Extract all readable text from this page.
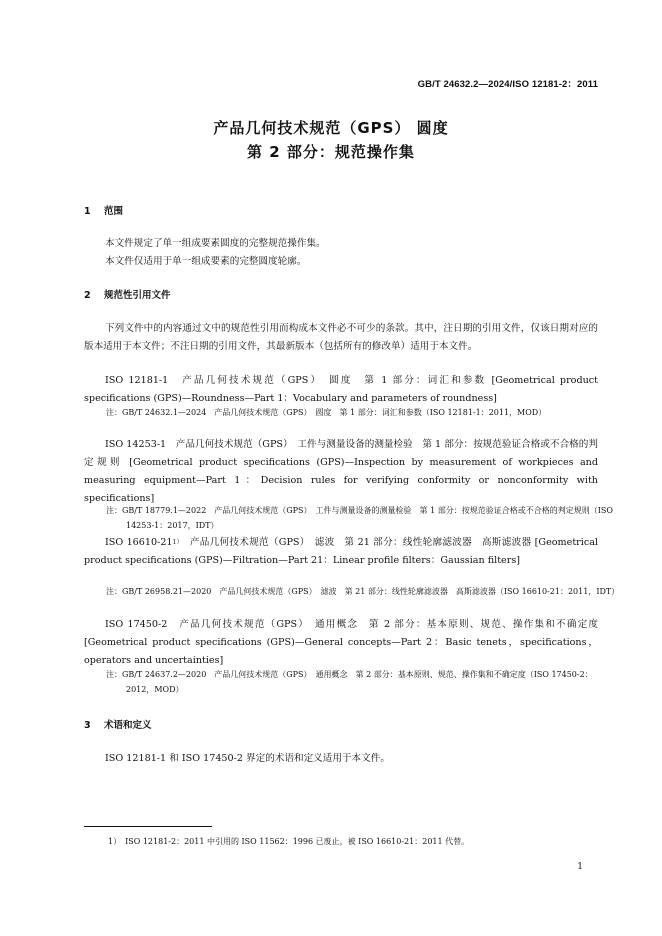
GB/T 24632.2—2024/ISO 12181-2：2011
产品几何技术规范（GPS） 圆度
第 2 部分：规范操作集
1 范围
本文件规定了单一组成要素圆度的完整规范操作集。
本文件仅适用于单一组成要素的完整圆度轮廓。
2 规范性引用文件
下列文件中的内容通过文中的规范性引用而构成本文件必不可少的条款。其中，注日期的引用文件，仅该日期对应的版本适用于本文件；不注日期的引用文件，其最新版本（包括所有的修改单）适用于本文件。
ISO 12181-1　产品几何技术规范（GPS）　圆度　第 1 部分：词汇和参数 [Geometrical product specifications (GPS)—Roundness—Part 1：Vocabulary and parameters of roundness]
注：GB/T 24632.1—2024　产品几何技术规范（GPS）　圆度　第 1 部分：词汇和参数（ISO 12181-1：2011，MOD）
ISO 14253-1　产品几何技术规范（GPS）　工件与测量设备的测量检验　第 1 部分：按规范验证合格或不合格的判定规则 [Geometrical product specifications (GPS)—Inspection by measurement of workpieces and measuring equipment—Part 1：Decision rules for verifying conformity or nonconformity with specifications]
注：GB/T 18779.1—2022　产品几何技术规范（GPS）　工件与测量设备的测量检验　第 1 部分：按规范验证合格或不合格的判定规则（ISO 14253-1：2017，IDT）
ISO $16610-21^{1)}$　产品几何技术规范（GPS）　滤波　第 21 部分：线性轮廓滤波器　高斯滤波器 [Geometrical product specifications (GPS)—Filtration—Part 21：Linear profile filters：Gaussian filters]
注：GB/T 26958.21—2020　产品几何技术规范（GPS）　滤波　第 21 部分：线性轮廓滤波器　高斯滤波器（ISO 16610-21：2011，IDT）
ISO 17450-2　产品几何技术规范（GPS）　通用概念　第 2 部分：基本原则、规范、操作集和不确定度 [Geometrical product specifications (GPS)—General concepts—Part 2：Basic tenets，specifications，operators and uncertainties]
注：GB/T 24637.2—2020　产品几何技术规范（GPS）　通用概念　第 2 部分：基本原则、规范、操作集和不确定度（ISO 17450-2：2012，MOD）
3 术语和定义
ISO 12181-1 和 ISO 17450-2 界定的术语和定义适用于本文件。
1）　ISO 12181-2：2011 中引用的 ISO 11562：1996 已废止，被 ISO 16610-21：2011 代替。
1
